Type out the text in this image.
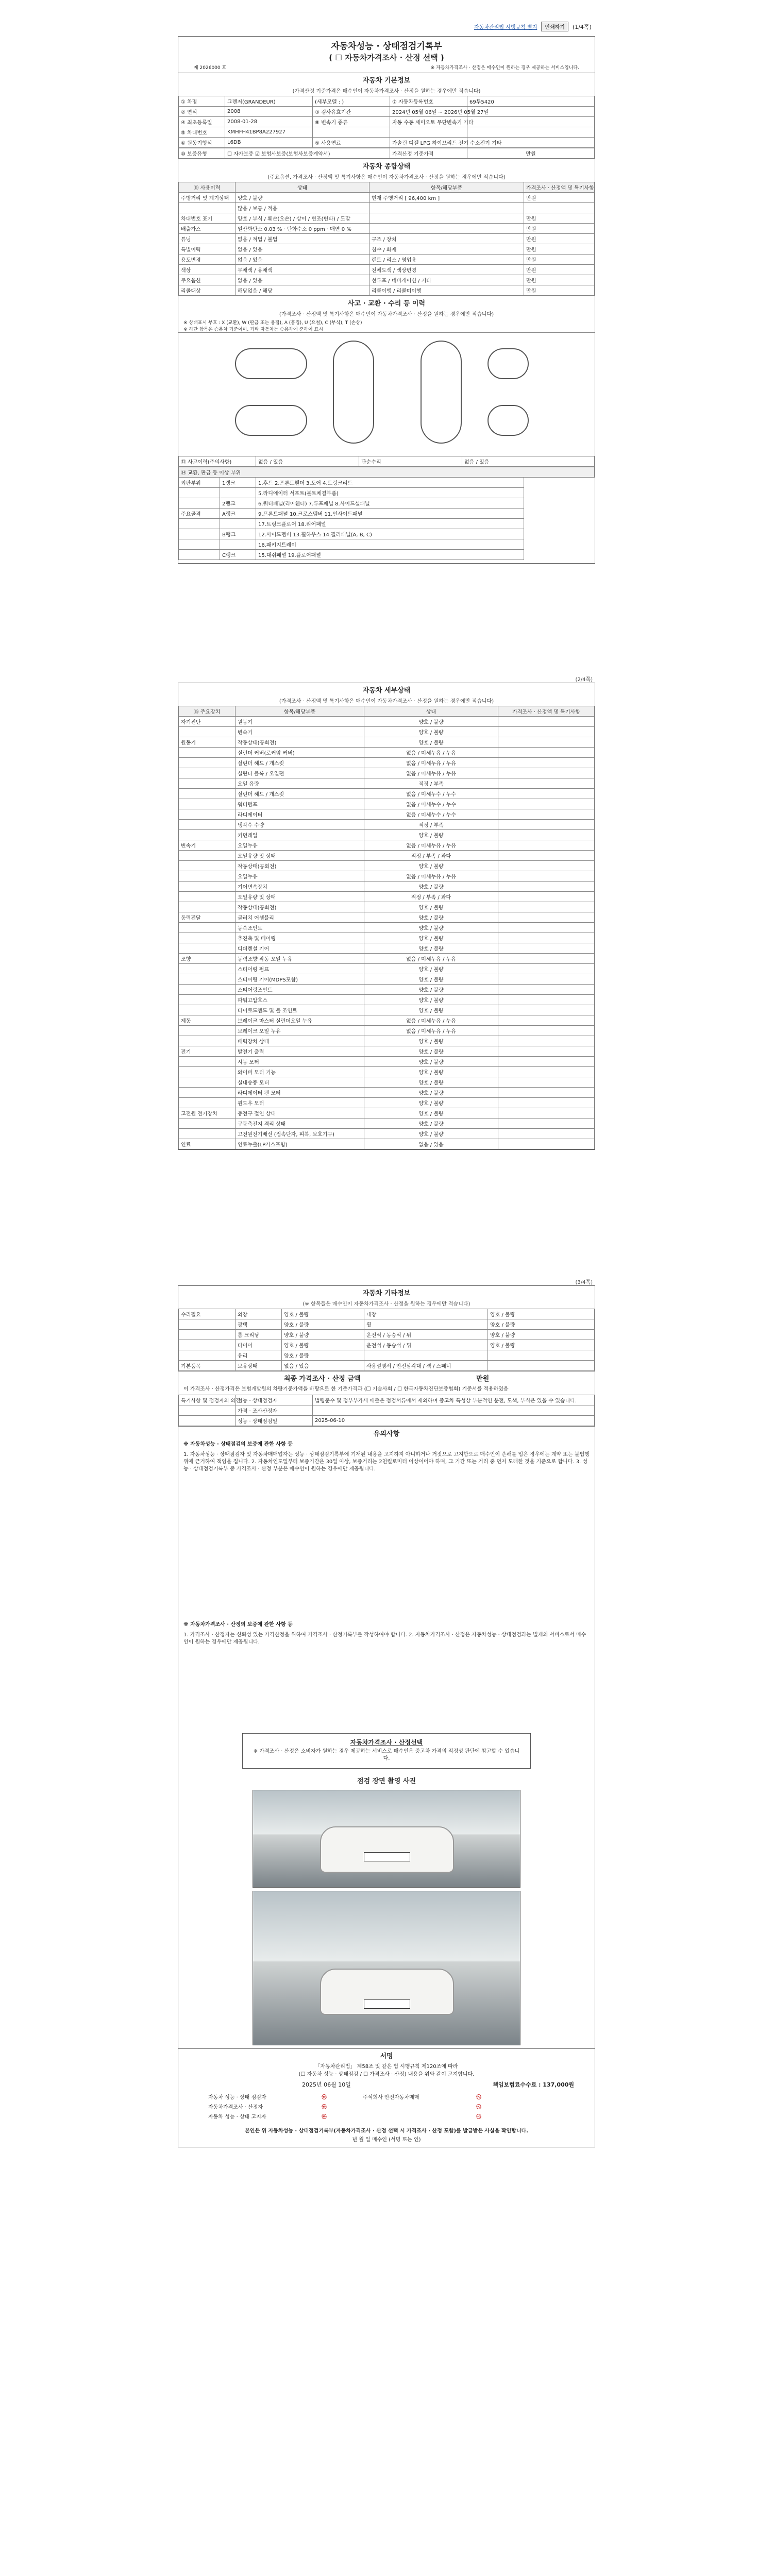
자동차관리법 시행규칙 별지	인쇄하기	(1/4쪽)
자동차성능 · 상태점검기록부
( ☐ 자동차가격조사 · 산정 선택 )
제 2026000 호	※ 자동차가격조사 · 산정은 매수인이 원하는 경우 제공하는 서비스입니다.
자동차 기본정보
(가격산정 기준가격은 매수인이 자동차가격조사 · 산정을 원하는 경우에만 적습니다)
① 차명	그랜저(GRANDEUR)	(세부모델 : )	⑦ 자동차등록번호	69투5420
② 연식	2008	③ 검사유효기간	2024년 05월 06일 ~ 2026년 05월 27일	
④ 최초등록일	2008-01-28	⑧ 변속기 종류	자동 수동 세미오토 무단변속기 기타	
⑤ 차대번호	KMHFH41BP8A227927			
⑥ 원동기형식	L6DB	⑨ 사용연료	가솔린 디젤 LPG 하이브리드 전기 수소전기 기타	
⑩ 보증유형	☐ 자가보증 ☑ 보험사보증(보험사보증계약서)	가격산정 기준가격	만원
자동차 종합상태
(주요옵션, 가격조사 · 산정액 및 특기사항은 매수인이 자동차가격조사 · 산정을 원하는 경우에만 적습니다)
⑪ 사용이력	상태	항목/해당부품	가격조사 · 산정액 및 특기사항
주행거리 및 계기상태	양호 / 불량	현재 주행거리 [ 96,400 km ]	만원
	많음 / 보통 / 적음		
차대번호 표기	양호 / 부식 / 훼손(오손) / 상이 / 변조(변타) / 도말		만원
배출가스	일산화탄소 0.03 % · 탄화수소 0 ppm · 매연 0 %		만원
튜닝	없음 / 적법 / 불법	구조 / 장치	만원
특별이력	없음 / 있음	침수 / 화재	만원
용도변경	없음 / 있음	렌트 / 리스 / 영업용	만원
색상	무채색 / 유채색	전체도색 / 색상변경	만원
주요옵션	없음 / 있음	선루프 / 네비게이션 / 기타	만원
리콜대상	해당없음 / 해당	리콜이행 / 리콜미이행	만원
사고 · 교환 · 수리 등 이력
(가격조사 · 산정액 및 특기사항은 매수인이 자동차가격조사 · 산정을 원하는 경우에만 적습니다)
※ 상태표시 부호 : X (교환), W (판금 또는 용접), A (흠집), U (요철), C (부식), T (손상)
※ 하단 항목은 승용차 기준이며, 기타 자동차는 승용차에 준하여 표시
⑬ 사고이력(주의사항)	없음 / 있음	단순수리	없음 / 있음
⑭ 교환, 판금 등 이상 부위		
외판부위	1랭크	1.후드 2.프론트휀더 3.도어 4.트렁크리드
		5.라디에이터 서포트(볼트체결부품)
	2랭크	6.쿼터패널(리어휀더) 7.루프패널 8.사이드실패널
주요골격	A랭크	9.프론트패널 10.크로스멤버 11.인사이드패널
		17.트렁크플로어 18.리어패널
	B랭크	12.사이드멤버 13.휠하우스 14.필러패널(A, B, C)
		16.패키지트레이
	C랭크	15.대쉬패널 19.플로어패널
(2/4쪽)
자동차 세부상태
(가격조사 · 산정액 및 특기사항은 매수인이 자동차가격조사 · 산정을 원하는 경우에만 적습니다)
⑮ 주요장치	항목/해당부품	상태	가격조사 · 산정액 및 특기사항
자기진단	원동기	양호 / 불량	
	변속기	양호 / 불량	
원동기	작동상태(공회전)	양호 / 불량	
	실린더 커버(로커암 커버)	없음 / 미세누유 / 누유	
	실린더 헤드 / 개스킷	없음 / 미세누유 / 누유	
	실린더 블록 / 오일팬	없음 / 미세누유 / 누유	
	오일 유량	적정 / 부족	
	실린더 헤드 / 개스킷	없음 / 미세누수 / 누수	
	워터펌프	없음 / 미세누수 / 누수	
	라디에이터	없음 / 미세누수 / 누수	
	냉각수 수량	적정 / 부족	
	커먼레일	양호 / 불량	
변속기	오일누유	없음 / 미세누유 / 누유	
	오일유량 및 상태	적정 / 부족 / 과다	
	작동상태(공회전)	양호 / 불량	
	오일누유	없음 / 미세누유 / 누유	
	기어변속장치	양호 / 불량	
	오일유량 및 상태	적정 / 부족 / 과다	
	작동상태(공회전)	양호 / 불량	
동력전달	클러치 어셈블리	양호 / 불량	
	등속조인트	양호 / 불량	
	추진축 및 베어링	양호 / 불량	
	디퍼렌셜 기어	양호 / 불량	
조향	동력조향 작동 오일 누유	없음 / 미세누유 / 누유	
	스티어링 펌프	양호 / 불량	
	스티어링 기어(MDPS포함)	양호 / 불량	
	스티어링조인트	양호 / 불량	
	파워고압호스	양호 / 불량	
	타이로드엔드 및 볼 조인트	양호 / 불량	
제동	브레이크 마스터 실린더오일 누유	없음 / 미세누유 / 누유	
	브레이크 오일 누유	없음 / 미세누유 / 누유	
	배력장치 상태	양호 / 불량	
전기	발전기 출력	양호 / 불량	
	시동 모터	양호 / 불량	
	와이퍼 모터 기능	양호 / 불량	
	실내송풍 모터	양호 / 불량	
	라디에이터 팬 모터	양호 / 불량	
	윈도우 모터	양호 / 불량	
고전원 전기장치	충전구 절연 상태	양호 / 불량	
	구동축전지 격리 상태	양호 / 불량	
	고전원전기배선 (접속단자, 피복, 보호기구)	양호 / 불량	
연료	연료누출(LP가스포함)	없음 / 있음	
(3/4쪽)
자동차 기타정보
(※ 항목들은 매수인이 자동차가격조사 · 산정을 원하는 경우에만 적습니다)
수리필요	외장	양호 / 불량	내장	양호 / 불량
	광택	양호 / 불량	휠	양호 / 불량
	룸 크리닝	양호 / 불량	운전석 / 동승석 / 뒤	양호 / 불량
	타이어	양호 / 불량	운전석 / 동승석 / 뒤	양호 / 불량
	유리	양호 / 불량		
기본품목	보유상태	없음 / 있음	사용설명서 / 안전삼각대 / 잭 / 스패너	
최종 가격조사 · 산정 금액	만원
이 가격조사 · 산정가격은 보험개발원의 차량기준가액을 바탕으로 한 기준가격과 (☐ 기술사회 / ☐ 한국자동차진단보증협회) 기준서를 적용하였음
특기사항 및 점검자의 의견	성능 · 상태점검자	법령준수 및 정부부가세 매출은 점검서류에서 제외하며 중고차 특성상 부분적인 운전, 도색, 부식은 있을 수 있습니다.
	가격 · 조사산정자	
	성능 · 상태점검일	2025-06-10
유의사항
※ 자동차성능 · 상태점검의 보증에 관한 사항 등
1. 자동차성능 · 상태점검자 및 자동차매매업자는 성능 · 상태점검기록부에 기재된 내용을 고지하지 아니하거나 거짓으로 고지함으로 매수인이 손해를 입은 경우에는 계약 또는 불법행위에 근거하여 책임을 집니다. 2. 자동차인도일부터 보증기간은 30일 이상, 보증거리는 2천킬로미터 이상이어야 하며, 그 기간 또는 거리 중 먼저 도래한 것을 기준으로 합니다. 3. 성능 · 상태점검기록부 중 가격조사 · 산정 부분은 매수인이 원하는 경우에만 제공됩니다.
※ 자동차가격조사 · 산정의 보증에 관한 사항 등
1. 가격조사 · 산정자는 신뢰성 있는 가격산정을 위하여 가격조사 · 산정기록부를 작성하여야 합니다. 2. 자동차가격조사 · 산정은 자동차성능 · 상태점검과는 별개의 서비스로서 매수인이 원하는 경우에만 제공됩니다.
자동차가격조사 · 산정선택
※ 가격조사 · 산정은 소비자가 원하는 경우 제공하는 서비스로 매수인은 중고차 가격의 적정성 판단에 참고할 수 있습니다.
점검 장면 촬영 사진
서명
「자동차관리법」 제58조 및 같은 법 시행규칙 제120조에 따라
(☐ 자동차 성능 · 상태점검 / ☐ 가격조사 · 산정) 내용을 위와 같이 고지합니다.
2025년 06월 10일	책임보험료수수료 : 137,000원
자동차 성능 · 상태 점검자	㉿	주식회사 안전자동차매매	㉿
자동차가격조사 · 산정자	㉿		㉿
자동차 성능 · 상태 고지자	㉿		㉿
본인은 위 자동차성능 · 상태점검기록부(자동차가격조사 · 산정 선택 시 가격조사 · 산정 포함)를 발급받은 사실을 확인합니다.
년 월 일 매수인 (서명 또는 인)
